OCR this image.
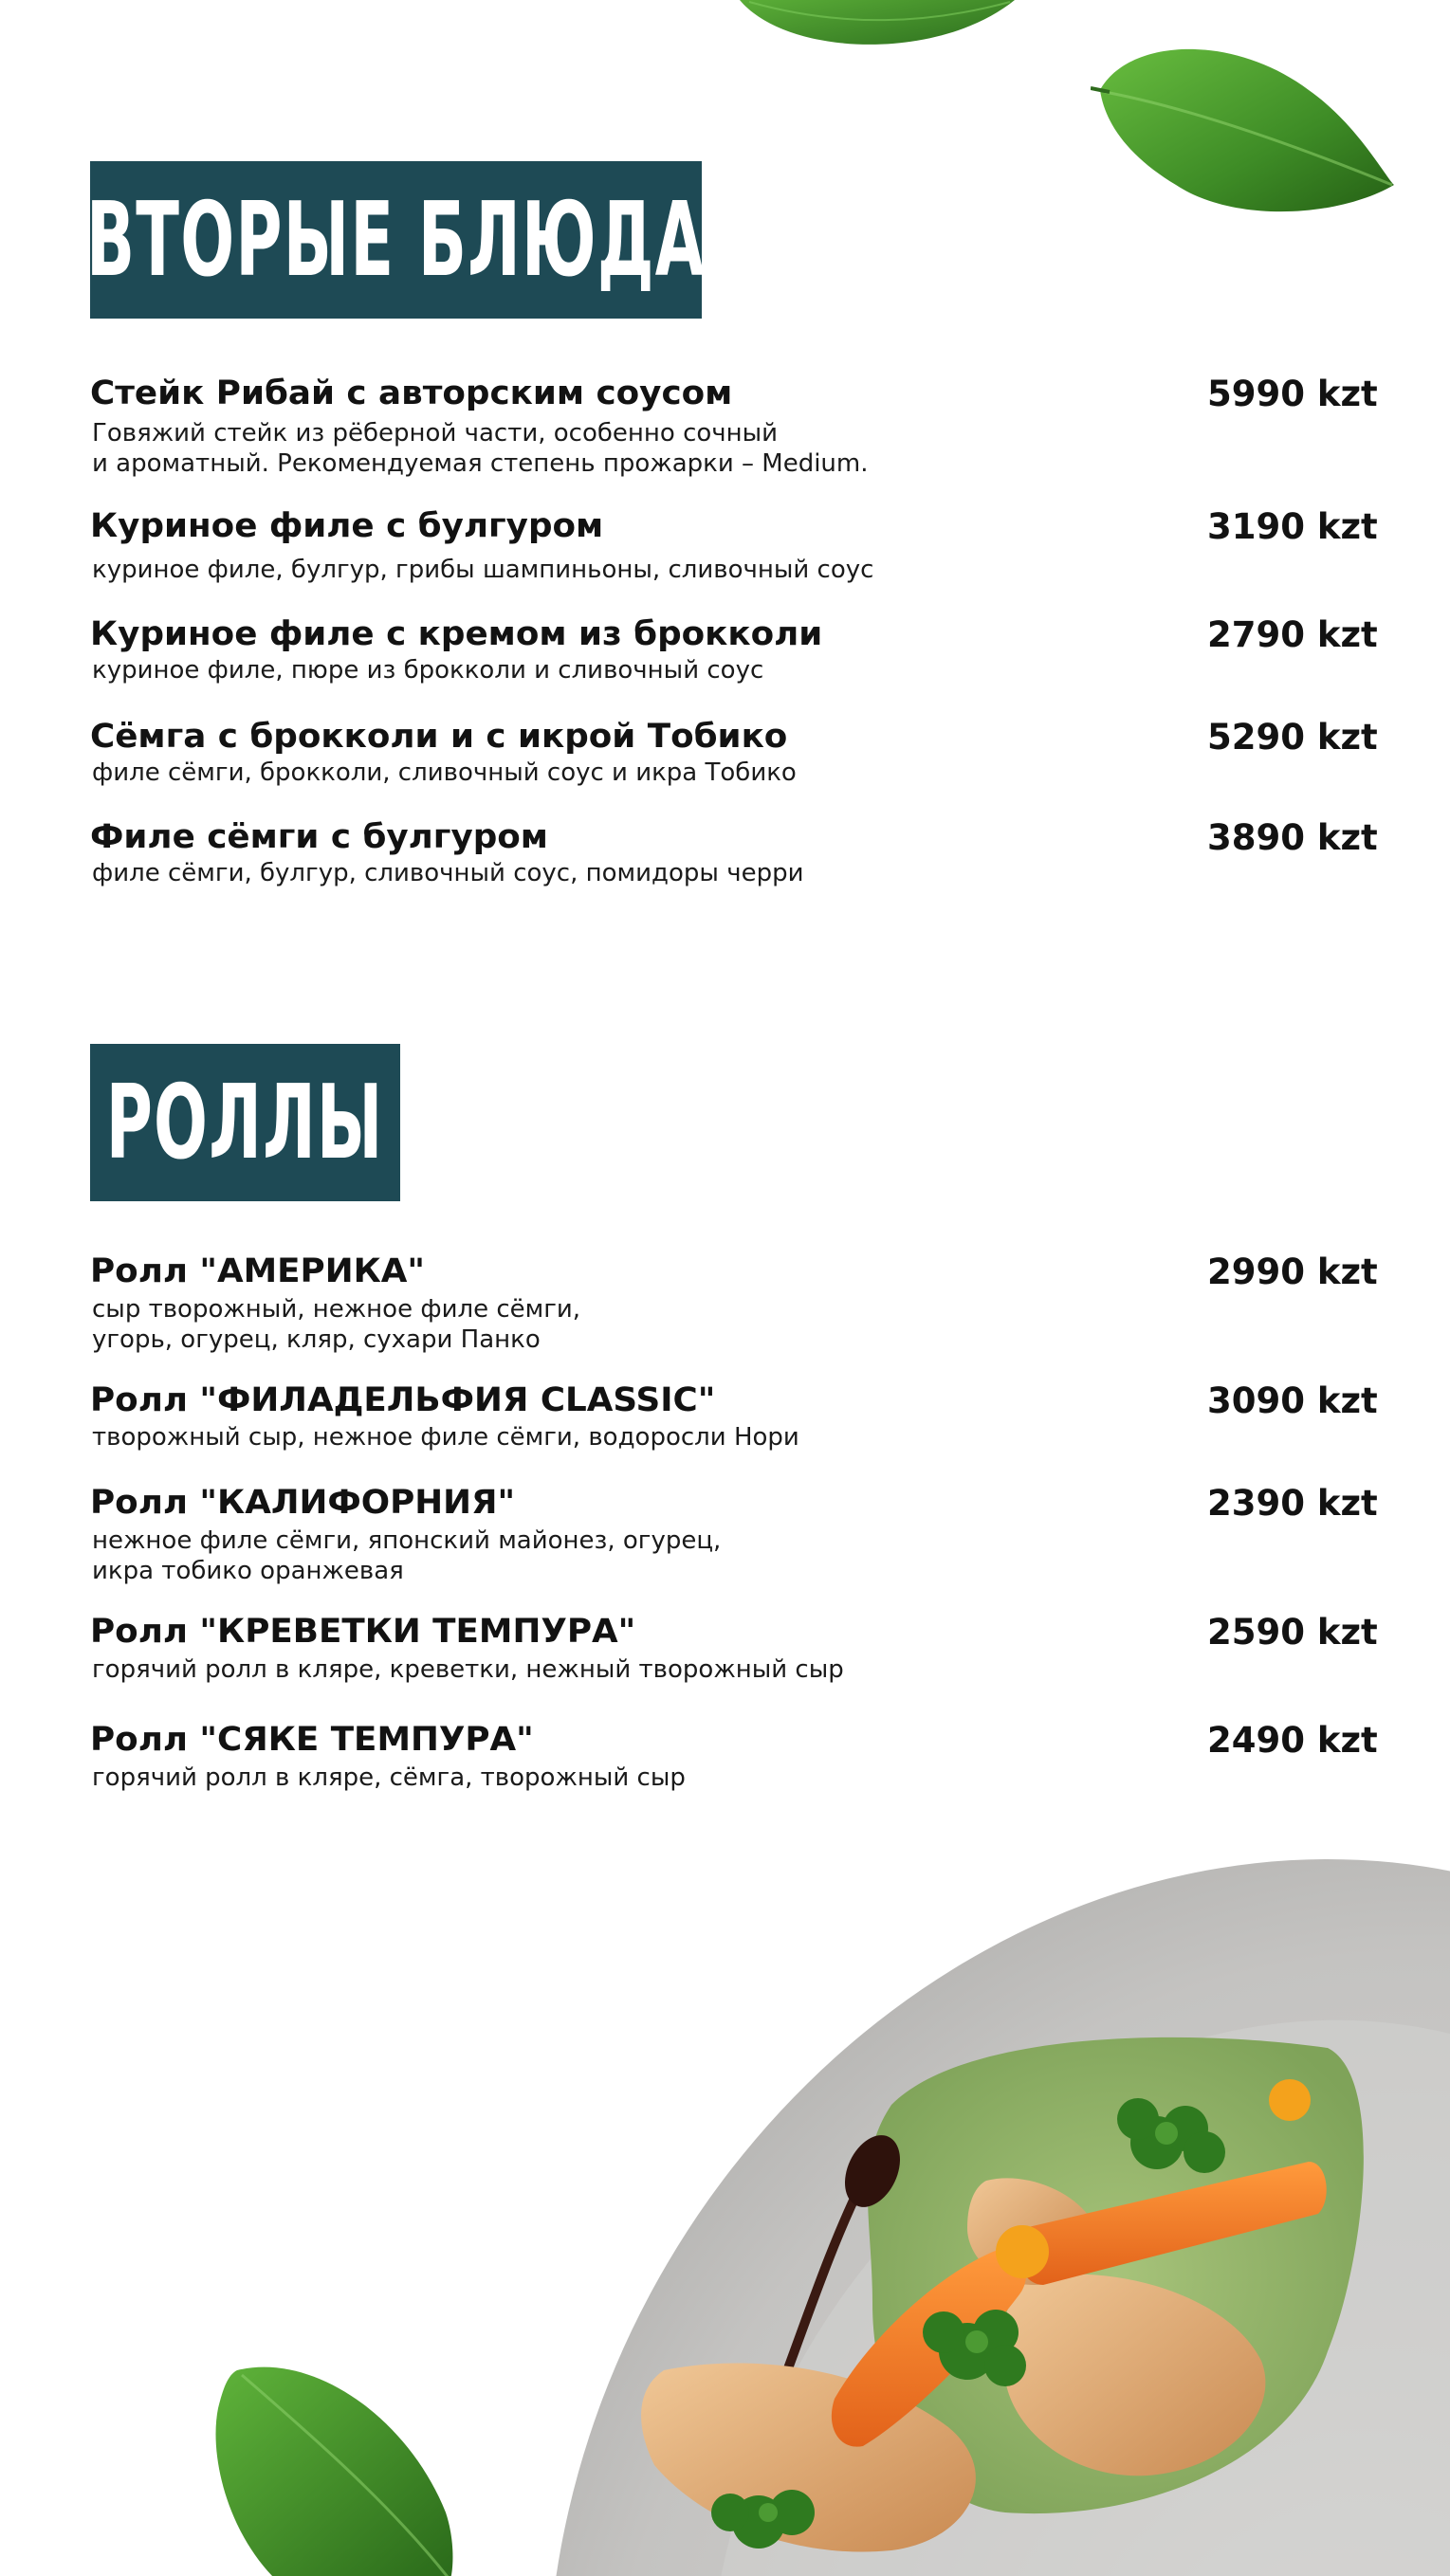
ВТОРЫЕ БЛЮДА
Стейк Рибай с авторским соусом	5990 kzt
Говяжий стейк из рёберной части, особенно сочный
и ароматный. Рекомендуемая степень прожарки – Medium.
Куриное филе с булгуром	3190 kzt
куриное филе, булгур, грибы шампиньоны, сливочный соус
Куриное филе с кремом из брокколи	2790 kzt
куриное филе, пюре из брокколи и сливочный соус
Сёмга с брокколи и с икрой Тобико	5290 kzt
филе сёмги, брокколи, сливочный соус и икра Тобико
Филе сёмги с булгуром	3890 kzt
филе сёмги, булгур, сливочный соус, помидоры черри
РОЛЛЫ
Ролл "АМЕРИКА"	2990 kzt
сыр творожный, нежное филе сёмги,
угорь, огурец, кляр, сухари Панко
Ролл "ФИЛАДЕЛЬФИЯ CLASSIC"	3090 kzt
творожный сыр, нежное филе сёмги, водоросли Нори
Ролл "КАЛИФОРНИЯ"	2390 kzt
нежное филе сёмги, японский майонез, огурец,
икра тобико оранжевая
Ролл "КРЕВЕТКИ ТЕМПУРА"	2590 kzt
горячий ролл в кляре, креветки, нежный творожный сыр
Ролл "СЯКЕ ТЕМПУРА"	2490 kzt
горячий ролл в кляре, сёмга, творожный сыр
